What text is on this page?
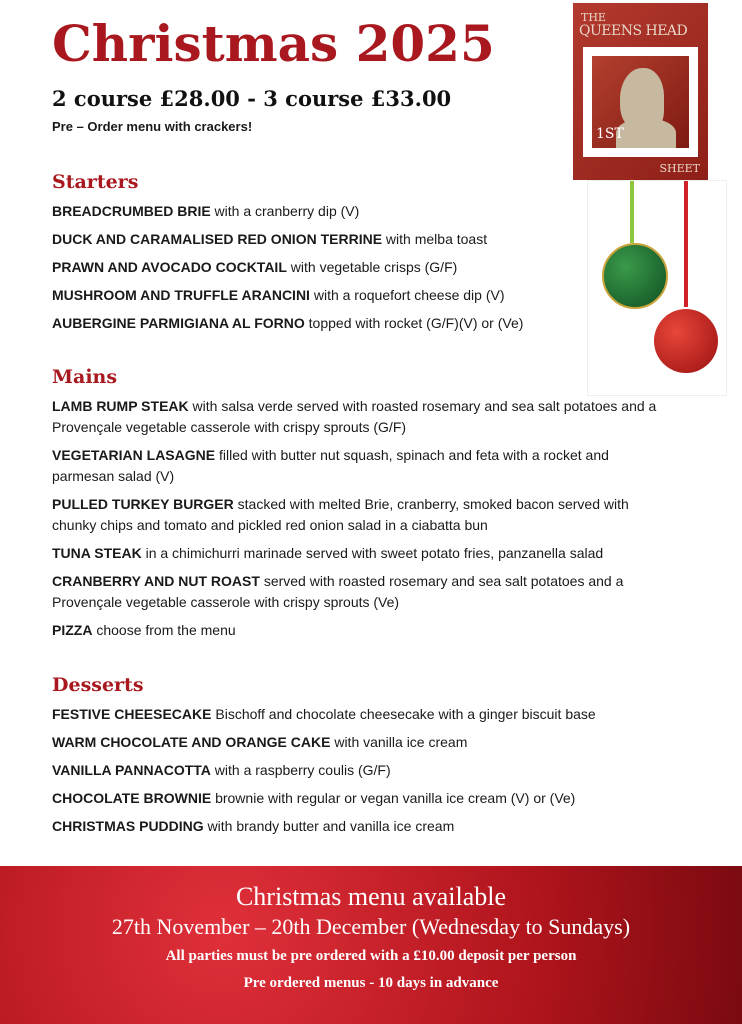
Christmas 2025
2 course £28.00 - 3 course £33.00
Pre – Order menu with crackers!
THE
QUEENS HEAD
1ST
SHEET
Starters
BREADCRUMBED BRIE with a cranberry dip (V)
DUCK AND CARAMALISED RED ONION TERRINE with melba toast
PRAWN AND AVOCADO COCKTAIL with vegetable crisps (G/F)
MUSHROOM AND TRUFFLE ARANCINI with a roquefort cheese dip (V)
AUBERGINE PARMIGIANA AL FORNO topped with rocket (G/F)(V) or (Ve)
Mains
LAMB RUMP STEAK with salsa verde served with roasted rosemary and sea salt potatoes and a Provençale vegetable casserole with crispy sprouts (G/F)
VEGETARIAN LASAGNE filled with butter nut squash, spinach and feta with a rocket and parmesan salad (V)
PULLED TURKEY BURGER stacked with melted Brie, cranberry, smoked bacon served with chunky chips and tomato and pickled red onion salad in a ciabatta bun
TUNA STEAK in a chimichurri marinade served with sweet potato fries, panzanella salad
CRANBERRY AND NUT ROAST served with roasted rosemary and sea salt potatoes and a Provençale vegetable casserole with crispy sprouts (Ve)
PIZZA choose from the menu
Desserts
FESTIVE CHEESECAKE Bischoff and chocolate cheesecake with a ginger biscuit base
WARM CHOCOLATE AND ORANGE CAKE with vanilla ice cream
VANILLA PANNACOTTA with a raspberry coulis (G/F)
CHOCOLATE BROWNIE brownie with regular or vegan vanilla ice cream (V) or (Ve)
CHRISTMAS PUDDING with brandy butter and vanilla ice cream
Christmas menu available
27th November – 20th December (Wednesday to Sundays)
All parties must be pre ordered with a £10.00 deposit per person
Pre ordered menus - 10 days in advance
